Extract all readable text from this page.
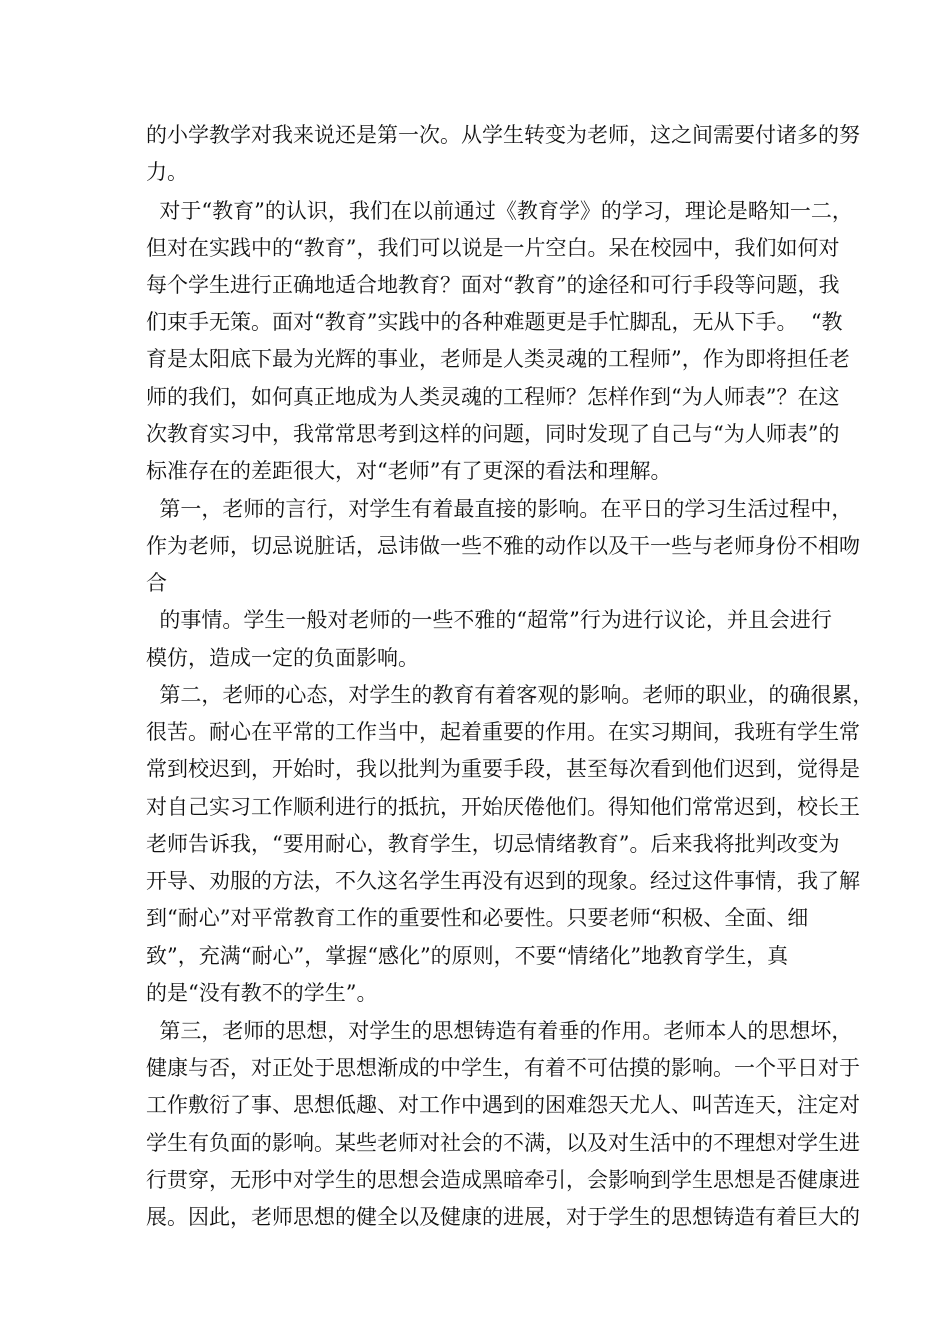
的小学教学对我来说还是第一次。从学生转变为老师，这之间需要付诸多的努
力。
对于“教育”的认识，我们在以前通过《教育学》的学习，理论是略知一二，
但对在实践中的“教育”，我们可以说是一片空白。呆在校园中，我们如何对
每个学生进行正确地适合地教育？面对“教育”的途径和可行手段等问题，我
们束手无策。面对“教育”实践中的各种难题更是手忙脚乱，无从下手。  “教
育是太阳底下最为光辉的事业，老师是人类灵魂的工程师”，作为即将担任老
师的我们，如何真正地成为人类灵魂的工程师？怎样作到“为人师表”？在这
次教育实习中，我常常思考到这样的问题，同时发现了自己与“为人师表”的
标准存在的差距很大，对“老师”有了更深的看法和理解。
第一，老师的言行，对学生有着最直接的影响。在平日的学习生活过程中，
作为老师，切忌说脏话，忌讳做一些不雅的动作以及干一些与老师身份不相吻
合
的事情。学生一般对老师的一些不雅的“超常”行为进行议论，并且会进行
模仿，造成一定的负面影响。
第二，老师的心态，对学生的教育有着客观的影响。老师的职业，的确很累，
很苦。耐心在平常的工作当中，起着重要的作用。在实习期间，我班有学生常
常到校迟到，开始时，我以批判为重要手段，甚至每次看到他们迟到，觉得是
对自己实习工作顺利进行的抵抗，开始厌倦他们。得知他们常常迟到，校长王
老师告诉我，“要用耐心，教育学生，切忌情绪教育”。后来我将批判改变为
开导、劝服的方法，不久这名学生再没有迟到的现象。经过这件事情，我了解
到“耐心”对平常教育工作的重要性和必要性。只要老师“积极、全面、细
致”，充满“耐心”，掌握“感化”的原则，不要“情绪化”地教育学生，真
的是“没有教不的学生”。
第三，老师的思想，对学生的思想铸造有着垂的作用。老师本人的思想坏，
健康与否，对正处于思想渐成的中学生，有着不可估摸的影响。一个平日对于
工作敷衍了事、思想低趣、对工作中遇到的困难怨天尤人、叫苦连天，注定对
学生有负面的影响。某些老师对社会的不满，以及对生活中的不理想对学生进
行贯穿，无形中对学生的思想会造成黑暗牵引，会影响到学生思想是否健康进
展。因此，老师思想的健全以及健康的进展，对于学生的思想铸造有着巨大的
